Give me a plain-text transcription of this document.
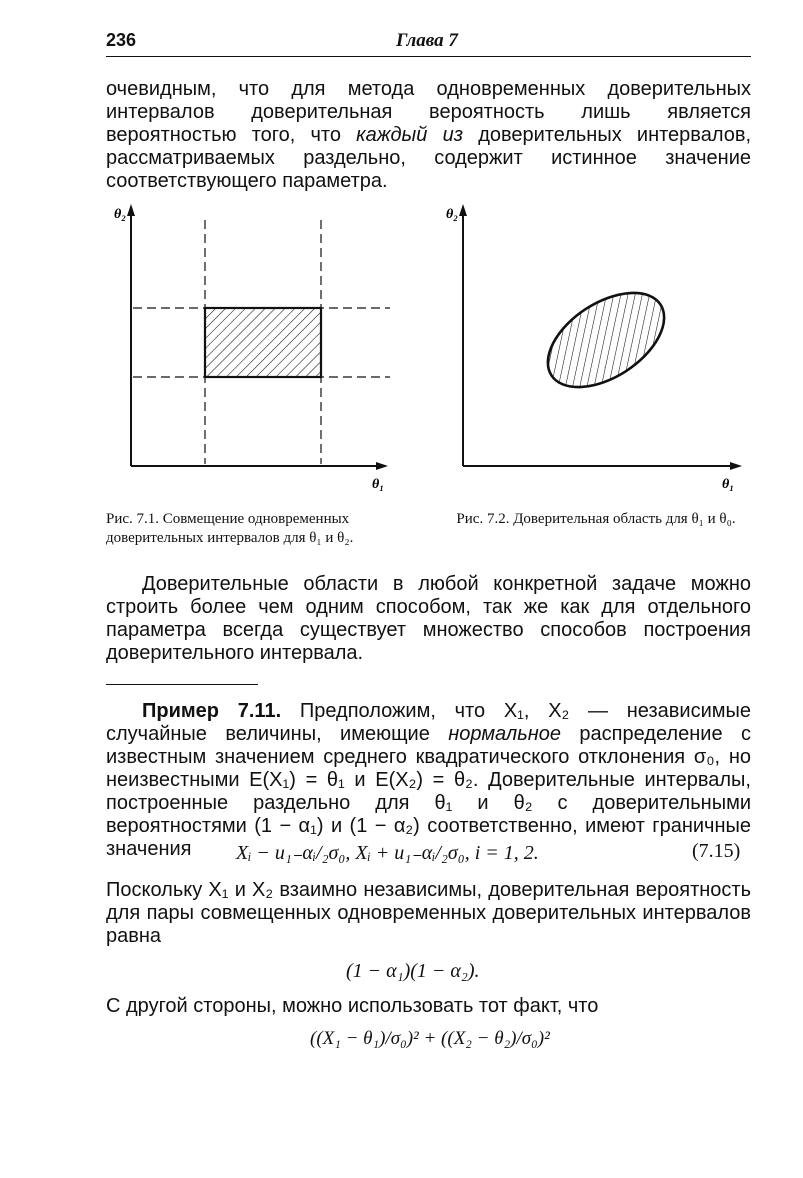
236	Глава 7
очевидным, что для метода одновременных доверительных интервалов доверительная вероятность лишь является вероятностью того, что каждый из доверительных интервалов, рассматриваемых раздельно, содержит истинное значение соответствующего параметра.
θ₂
θ₁
θ₂
θ₁
Рис. 7.1. Совмещение одновременных доверительных интервалов для θ₁ и θ₂.
Рис. 7.2. Доверительная область для θ₁ и θ₀.
Доверительные области в любой конкретной задаче можно строить более чем одним способом, так же как для отдельного параметра всегда существует множество способов построения доверительного интервала.
Пример 7.11. Предположим, что X₁, X₂ — независимые случайные величины, имеющие нормальное распределение с известным значением среднего квадратического отклонения σ₀, но неизвестными E(X₁) = θ₁ и E(X₂) = θ₂. Доверительные интервалы, построенные раздельно для θ₁ и θ₂ с доверительными вероятностями (1 − α₁) и (1 − α₂) соответственно, имеют граничные значения	Xᵢ − u₁₋αᵢ/₂σ₀, Xᵢ + u₁₋αᵢ/₂σ₀, i = 1, 2.	(7.15)
Поскольку X₁ и X₂ взаимно независимы, доверительная вероятность для пары совмещенных одновременных доверительных интервалов равна
(1 − α₁)(1 − α₂).
С другой стороны, можно использовать тот факт, что
((X₁ − θ₁)/σ₀)² + ((X₂ − θ₂)/σ₀)²
